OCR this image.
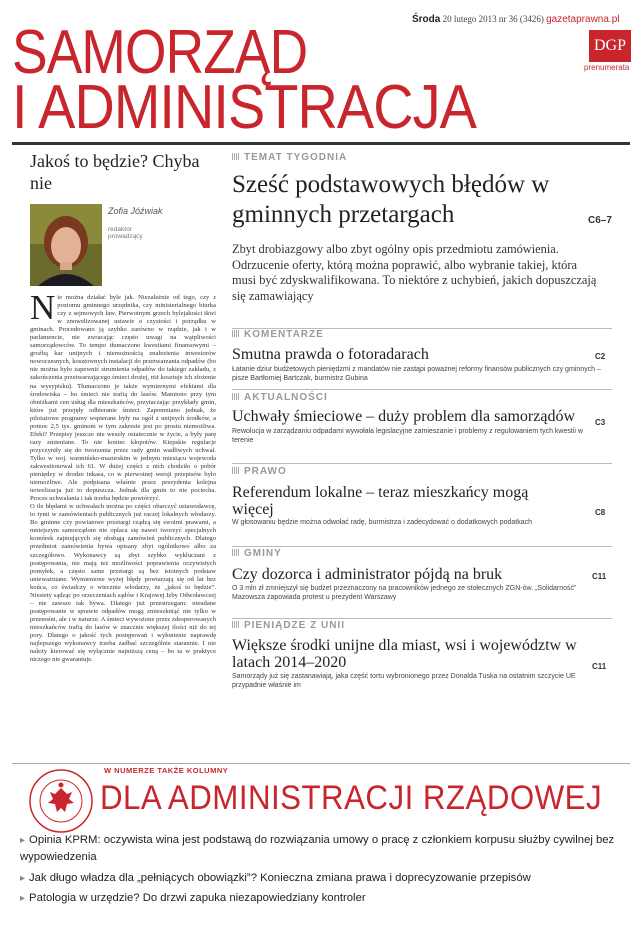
Środa 20 lutego 2013 nr 36 (3426) gazetaprawna.pl
SAMORZĄD
I ADMINISTRACJA
DGP
prenumerata
Jakoś to będzie? Chyba nie
Zofia Jóźwiak
redaktor prowadzący

Nie można działać byle jak. Niezależnie od tego, czy z poziomu gminnego urzędnika, czy ministerialnego biurka czy z sejmowych ław. Pierwotnym grzech bylejakości tkwi w znowelizowanej ustawie o czystości i porządku w gminach. Procedowano ją szybko zarówno w rządzie, jak i w parlamencie, nie zwracając często uwagi na wątpliwości samorządowców. To tempo tłumaczono kwestiami finansowymi – groźbą kar unijnych i niemożnością znalezienia inwestorów nowoczesnych, kosztownych instalacji do przetwarzania odpadów (bo nie można było zapewnić strumienia odpadów do takiego zakładu, z zakończenia przetwarzającego śmieci drożej, niż kosztuje ich złożenie na wysypisku). Tłumaczono je także wymiernymi efektami dla środowiska – bo śmieci nie trafią do lasów. Mamiono przy tym obniżkami cen usług dla mieszkańców, przytaczając przykłady gmin, które już przejęły odbieranie śmieci. Zapomniano jednak, że pilotażowe programy wspierane były na ogół z unijnych środków, a pomoc 2,5 tys. gminom w tym zakresie jest po prostu niemożliwa. Efekt? Przepisy jeszcze nie weszły ostatecznie w życie, a były parę razy zmieniane. To nie koniec kłopotów. Kiepskie regulacje przyczyniły się do tworzenia przez rady gmin wadliwych uchwał. Tylko w woj. warmińsko-mazurskim w jednym miesiącu wojewoda zakwestionował ich 61. W dużej części z nich chodziło o pobór pieniędzy w drodze inkasa, co w pierwotnej wersji przepisów było niemożliwe. Ale podpisana właśnie przez prezydenta kolejna nowelizacja już to dopuszcza. Jednak dla gmin to nie pociecha. Proces uchwalania i tak trzeba będzie powtórzyć.

O ile błędami w uchwałach można po części obarczyć ustawodawcę, to tymi w zamówieniach publicznych już raczej lokalnych włodarzy. Bo gminne czy powiatowe przetargi rządzą się swoimi prawami, a mniejszym samorządom nie opłaca się nawet tworzyć specjalnych komórek zajmujących się obsługą zamówień publicznych. Dlatego przedmiot zamówienia bywa opisany zbyt ogólnikowo albo za szczegółowo. Wykonawcy są zbyt szybko wykluczani z postępowania, nie mają też możliwości poprawienia oczywistych pomyłek, a często same przetargi są bez istotnych podstaw unieważniane. Wymienione wyżej błędy powtarzają się od lat bez końca, co świadczy o wiecznie włodarzy, że „jakoś to będzie”. Niestety sądząc po orzeczeniach sądów i Krajowej Izby Odwoławczej – nie zawsze tak bywa. Dlatego już przestrzegam: nieudane postępowanie w sprawie odpadów mogą zmieszkniąć nie tylko w przenośni, ale i w naturze. A śmieci wywożone przez zdesperowanych mieszkańców trafią do lasów w znacznie większej ilości niż do tej pory. Dlatego o jakość tych postępowań i wyłonienie naprawdę najlepszego wykonawcy trzeba zadbać szczególnie starannie. I nie należy kierować się wyłącznie najniższą ceną – bo ta w praktyce niczego nie gwarantuje.

TEMAT TYGODNIA
Sześć podstawowych błędów w gminnych przetargach	C6–7
Zbyt drobiazgowy albo zbyt ogólny opis przedmiotu zamówienia. Odrzucenie oferty, którą można poprawić, albo wybranie takiej, która musi być zdyskwalifikowana. To niektóre z uchybień, jakich dopuszczają się zamawiający
KOMENTARZE
Smutna prawda o fotoradarach	C2
Łatanie dziur budżetowych pieniędzmi z mandatów nie zastąpi poważnej reformy finansów publicznych czy gminnych – pisze Bartłomiej Bartczak, burmistrz Gubina
AKTUALNOŚCI
Uchwały śmieciowe – duży problem dla samorządów C3
Rewolucja w zarządzaniu odpadami wywołała legislacyjne zamieszanie i problemy z regulowaniem tych kwestii w terenie
PRAWO
Referendum lokalne – teraz mieszkańcy mogą więcej	C8
W głosowaniu będzie można odwołać radę, burmistrza i zadecydować o dodatkowych podatkach
GMINY
Czy dozorca i administrator pójdą na bruk	C11
O 3 mln zł zmniejszył się budżet przeznaczony na pracowników jednego ze stołecznych ZGN-ów. „Solidarność” Mazowsza zapowiada protest u prezydent Warszawy
PIENIĄDZE Z UNII
Większe środki unijne dla miast, wsi i województw w latach 2014–2020	C11
Samorządy już się zastanawiają, jaka część tortu wybronionego przez Donalda Tuska na ostatnim szczycie UE przypadnie właśnie im
W NUMERZE TAKŻE KOLUMNY
DLA ADMINISTRACJI RZĄDOWEJ
▸ Opinia KPRM: oczywista wina jest podstawą do rozwiązania umowy o pracę z członkiem korpusu służby cywilnej bez wypowiedzenia
▸ Jak długo władza dla „pełniących obowiązki”? Konieczna zmiana prawa i doprecyzowanie przepisów
▸ Patologia w urzędzie? Do drzwi zapuka niezapowiedziany kontroler
